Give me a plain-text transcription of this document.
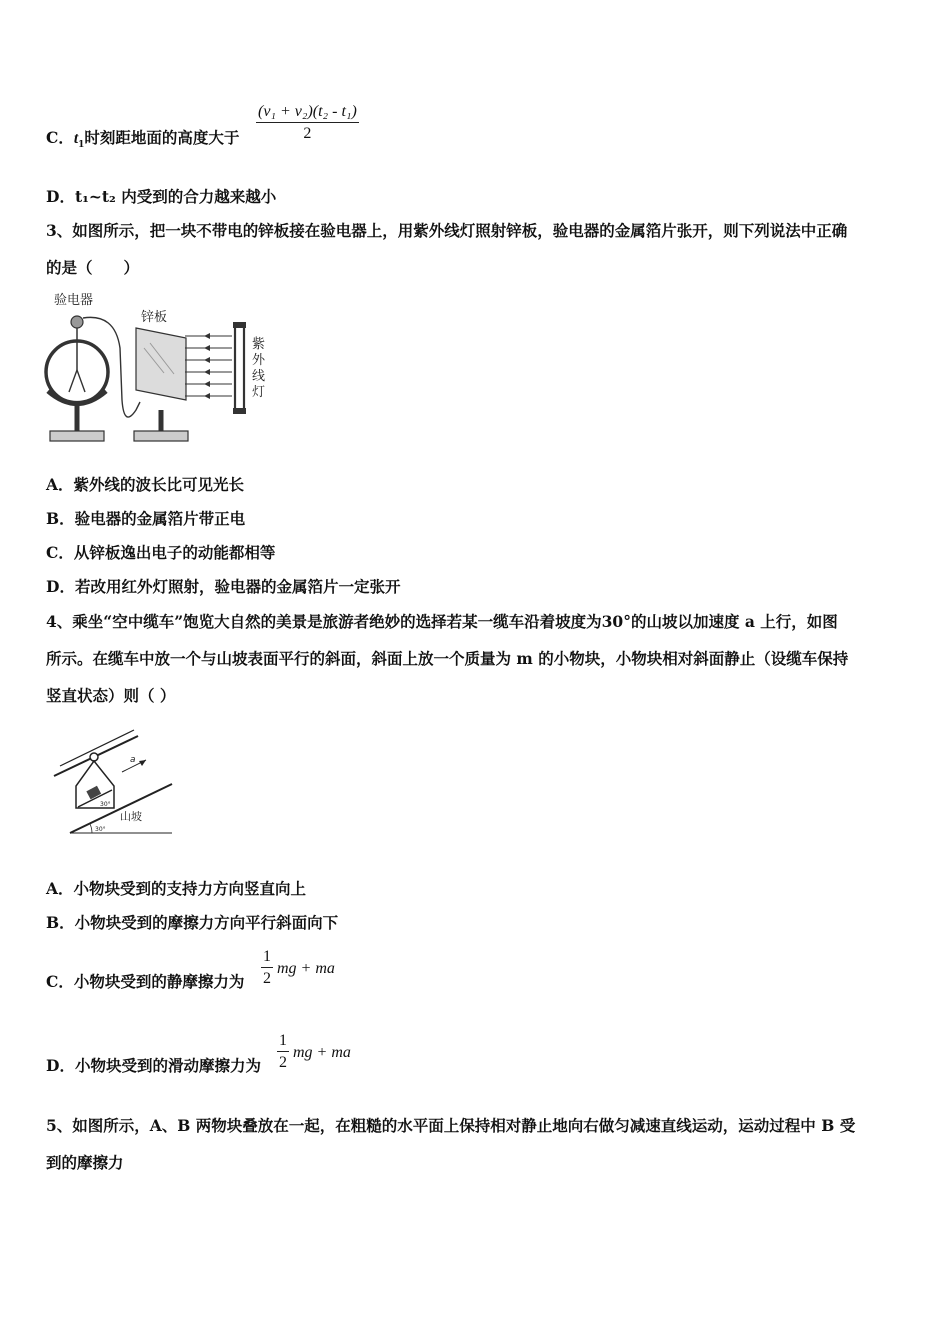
C．$t_1$时刻距地面的高度大于 $\frac{\text{(v₁ + v₂)(t₂ - t₁)}}{2}$
D．t₁~t₂ 内受到的合力越来越小
3、如图所示，把一块不带电的锌板接在验电器上，用紫外线灯照射锌板，验电器的金属箔片张开，则下列说法中正确
的是（　　）
验电器
锌板
紫
外
线
灯
A．紫外线的波长比可见光长
B．验电器的金属箔片带正电
C．从锌板逸出电子的动能都相等
D．若改用红外灯照射，验电器的金属箔片一定张开
4、乘坐“空中缆车”饱览大自然的美景是旅游者绝妙的选择若某一缆车沿着坡度为30°的山坡以加速度 a 上行，如图
所示。在缆车中放一个与山坡表面平行的斜面，斜面上放一个质量为 m 的小物块，小物块相对斜面静止（设缆车保持
竖直状态）则（ ）
30°
a
30°
山坡
A．小物块受到的支持力方向竖直向上
B．小物块受到的摩擦力方向平行斜面向下
C．小物块受到的静摩擦力为 $\frac{1}{2}$ mg + ma
D．小物块受到的滑动摩擦力为 $\frac{1}{2}$ mg + ma
5、如图所示，A、B 两物块叠放在一起，在粗糙的水平面上保持相对静止地向右做匀减速直线运动，运动过程中 B 受
到的摩擦力
